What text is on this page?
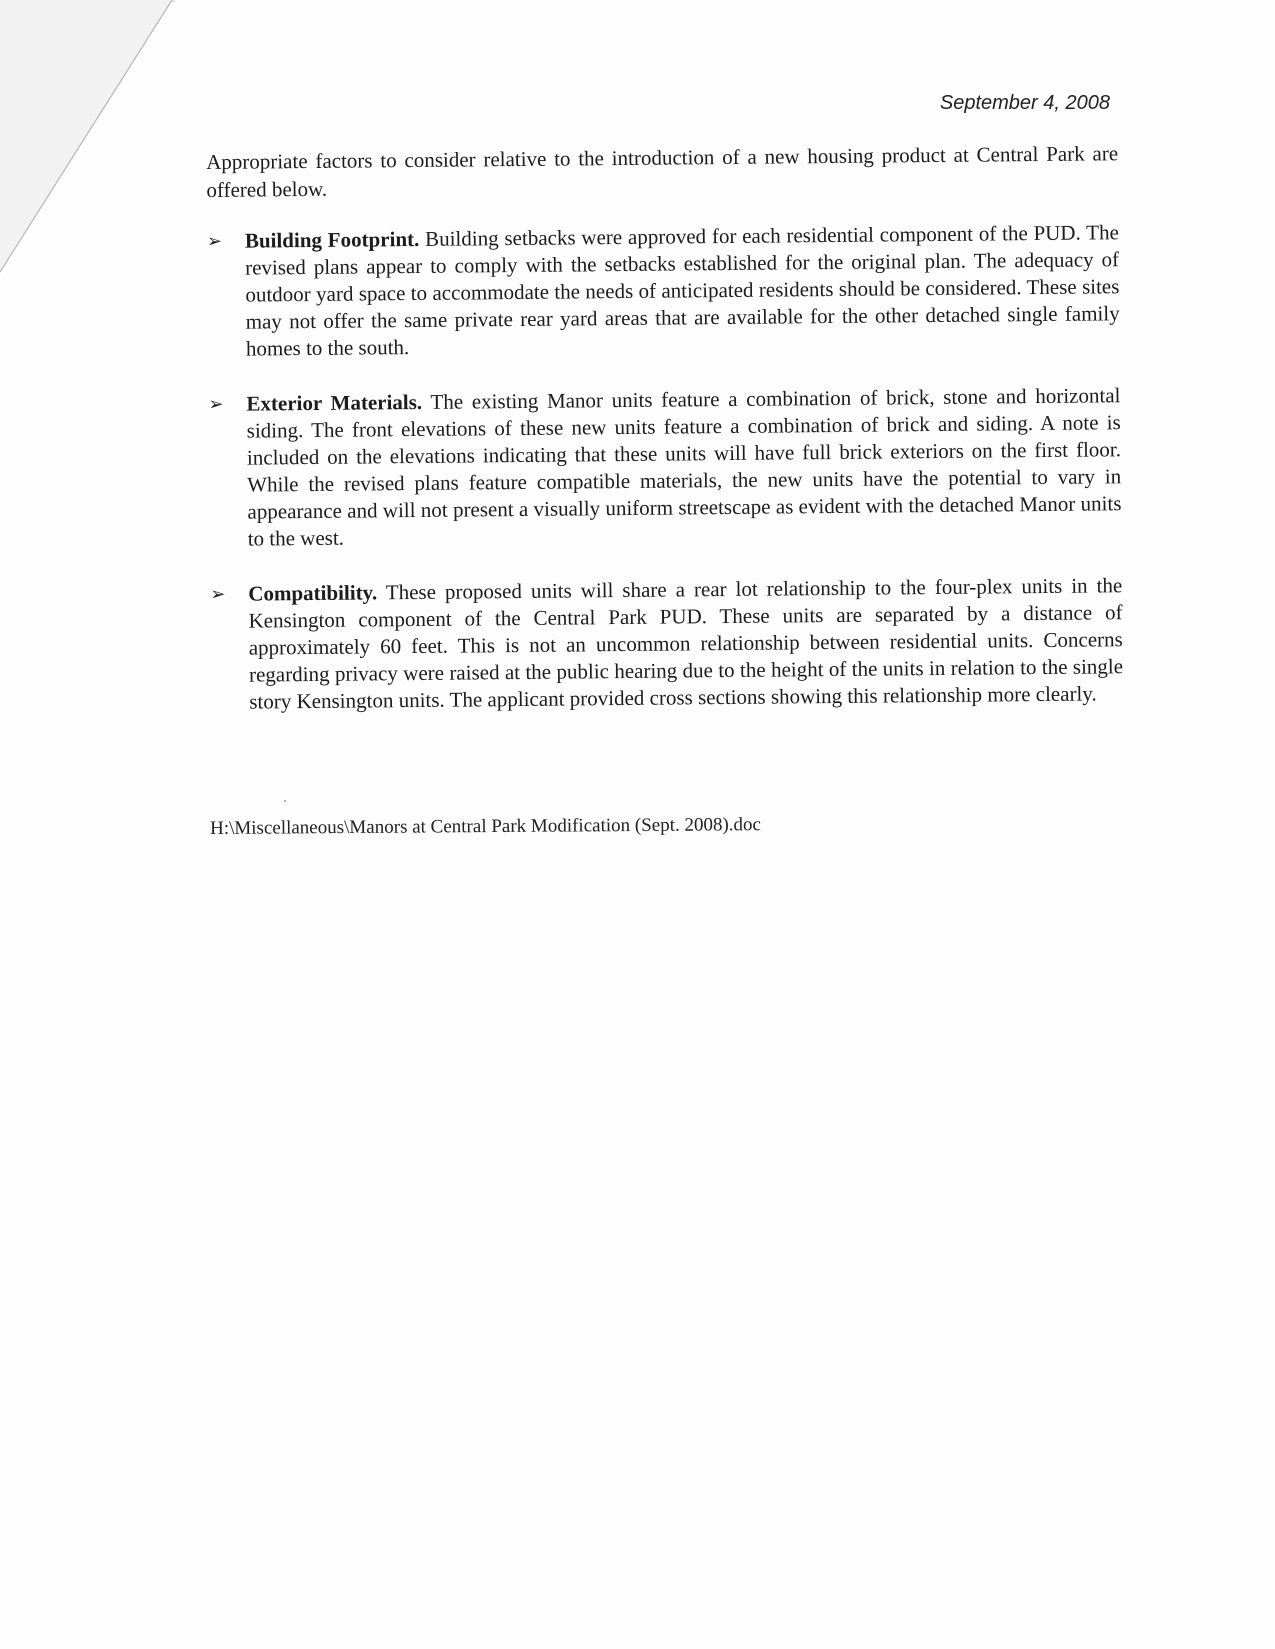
September 4, 2008

Appropriate factors to consider relative to the introduction of a new housing product at Central Park are offered below.

➢ Building Footprint. Building setbacks were approved for each residential component of the PUD. The revised plans appear to comply with the setbacks established for the original plan. The adequacy of outdoor yard space to accommodate the needs of anticipated residents should be considered. These sites may not offer the same private rear yard areas that are available for the other detached single family homes to the south.
➢ Exterior Materials. The existing Manor units feature a combination of brick, stone and horizontal siding. The front elevations of these new units feature a combination of brick and siding. A note is included on the elevations indicating that these units will have full brick exteriors on the first floor. While the revised plans feature compatible materials, the new units have the potential to vary in appearance and will not present a visually uniform streetscape as evident with the detached Manor units to the west.
➢ Compatibility. These proposed units will share a rear lot relationship to the four-plex units in the Kensington component of the Central Park PUD. These units are separated by a distance of approximately 60 feet. This is not an uncommon relationship between residential units. Concerns regarding privacy were raised at the public hearing due to the height of the units in relation to the single story Kensington units. The applicant provided cross sections showing this relationship more clearly.
H:\Miscellaneous\Manors at Central Park Modification (Sept. 2008).doc
